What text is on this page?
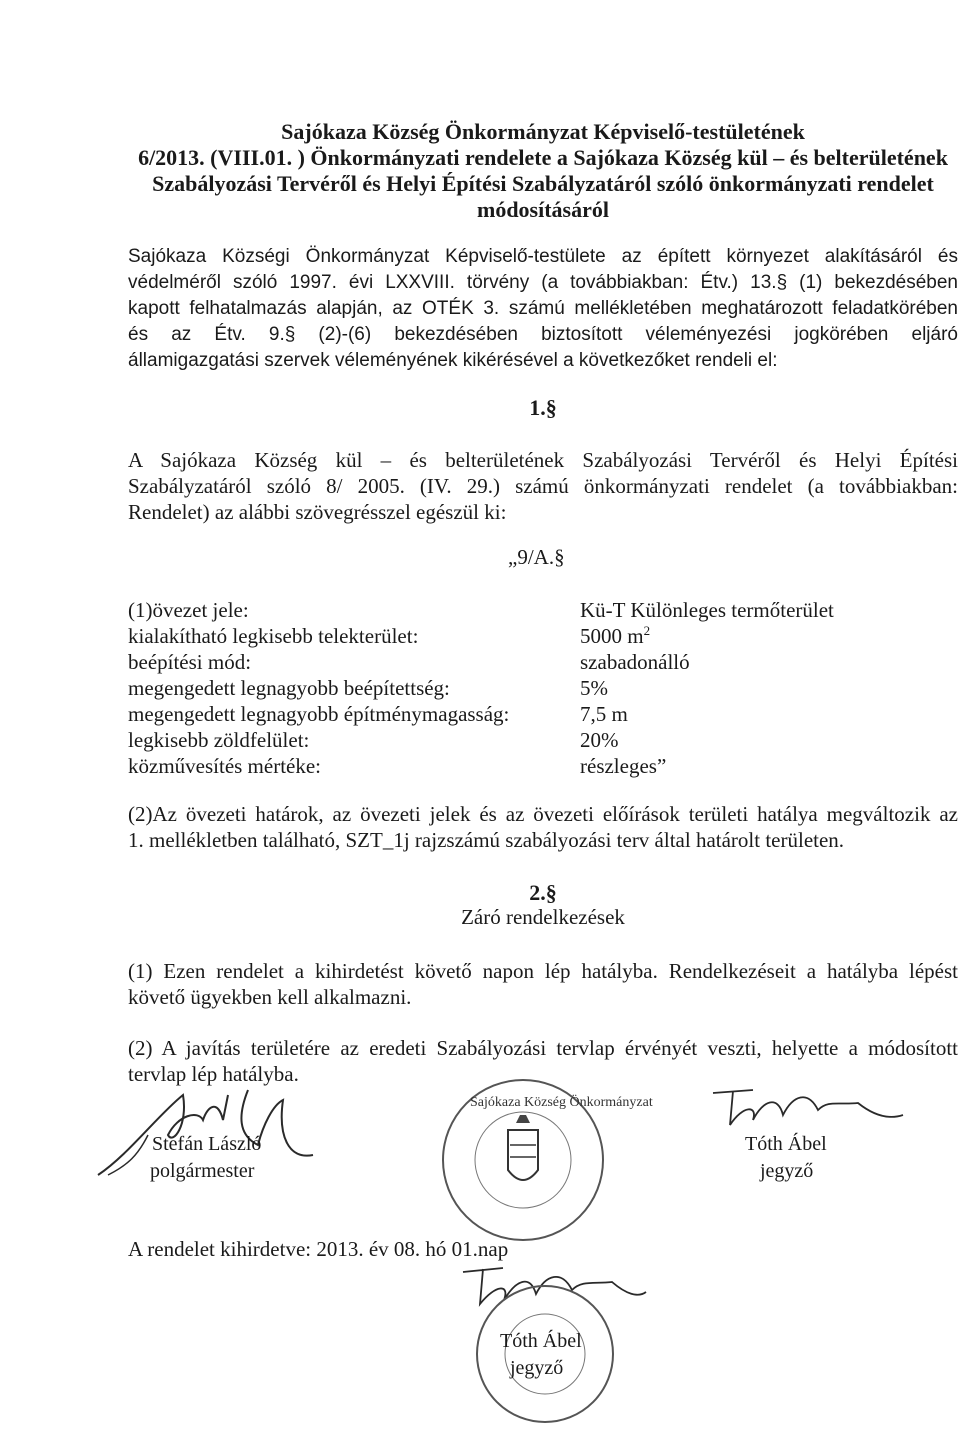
Sajókaza Község Önkormányzat Képviselő-testületének
6/2013. (VIII.01. ) Önkormányzati rendelete a Sajókaza Község kül – és belterületének
Szabályozási Tervéről és Helyi Építési Szabályzatáról szóló önkormányzati rendelet
módosításáról
Sajókaza Községi Önkormányzat Képviselő-testülete az épített környezet alakításáról és
védelméről szóló 1997. évi LXXVIII. törvény (a továbbiakban: Étv.) 13.§ (1) bekezdésében
kapott felhatalmazás alapján, az OTÉK 3. számú mellékletében meghatározott feladatkörében
és az Étv. 9.§ (2)-(6) bekezdésében biztosított véleményezési jogkörében eljáró
államigazgatási szervek véleményének kikérésével a következőket rendeli el:
1.§
A Sajókaza Község kül – és belterületének Szabályozási Tervéről és Helyi Építési
Szabályzatáról szóló 8/ 2005. (IV. 29.) számú önkormányzati rendelet (a továbbiakban:
Rendelet) az alábbi szövegrésszel egészül ki:
„9/A.§
(1)övezet jele:	Kü-T Különleges termőterület
kialakítható legkisebb telekterület:	5000 $m^2$
beépítési mód:	szabadonálló
megengedett legnagyobb beépítettség:	5%
megengedett legnagyobb építménymagasság:	7,5 m
legkisebb zöldfelület:	20%
közművesítés mértéke:	részleges”
(2)Az övezeti határok, az övezeti jelek és az övezeti előírások területi hatálya megváltozik az
1. mellékletben található, SZT_1j rajzszámú szabályozási terv által határolt területen.
2.§
Záró rendelkezések
(1) Ezen rendelet a kihirdetést követő napon lép hatályba. Rendelkezéseit a hatályba lépést
követő ügyekben kell alkalmazni.
(2) A javítás területére az eredeti Szabályozási tervlap érvényét veszti, helyette a módosított
tervlap lép hatályba.
Stefán László
polgármester
Sajókaza Község Önkormányzat
Tóth Ábel
jegyző
A rendelet kihirdetve: 2013. év 08. hó 01.nap
Tóth Ábel
jegyző
